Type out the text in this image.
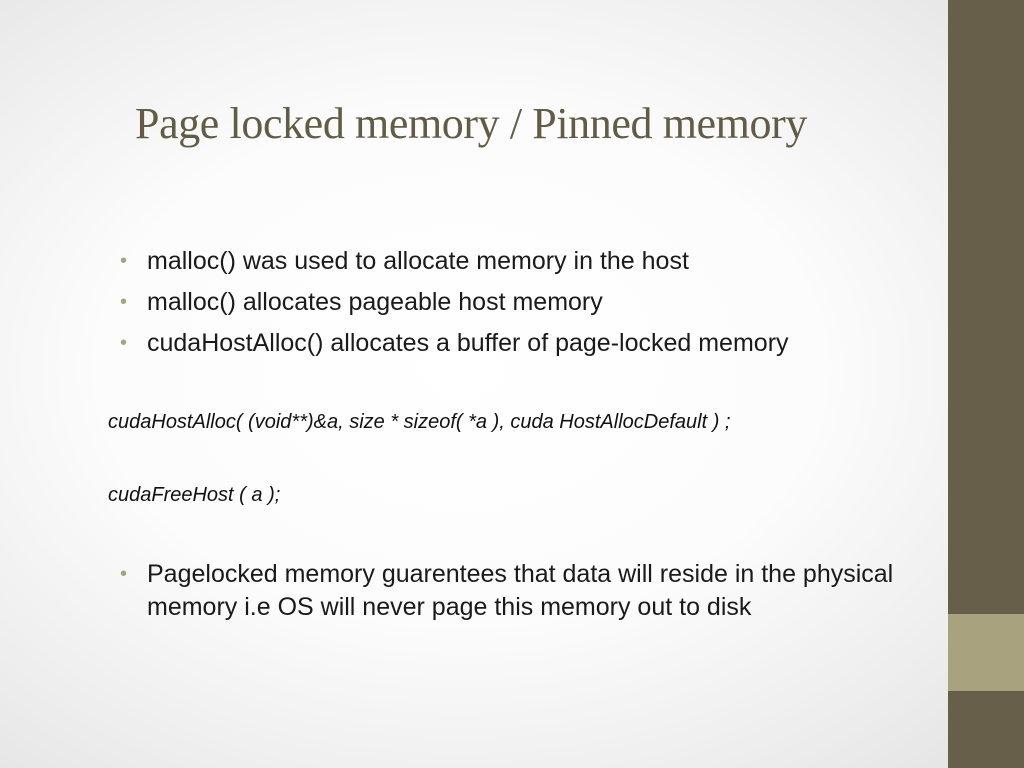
Page locked memory / Pinned memory
• malloc() was used to allocate memory in the host
• malloc() allocates pageable host memory
• cudaHostAlloc() allocates a buffer of page-locked memory

cudaHostAlloc( (void**)&a, size * sizeof( *a ), cuda HostAllocDefault ) ;

cudaFreeHost ( a );

• Pagelocked memory guarentees that data will reside in the physical memory i.e OS will never page this memory out to disk
